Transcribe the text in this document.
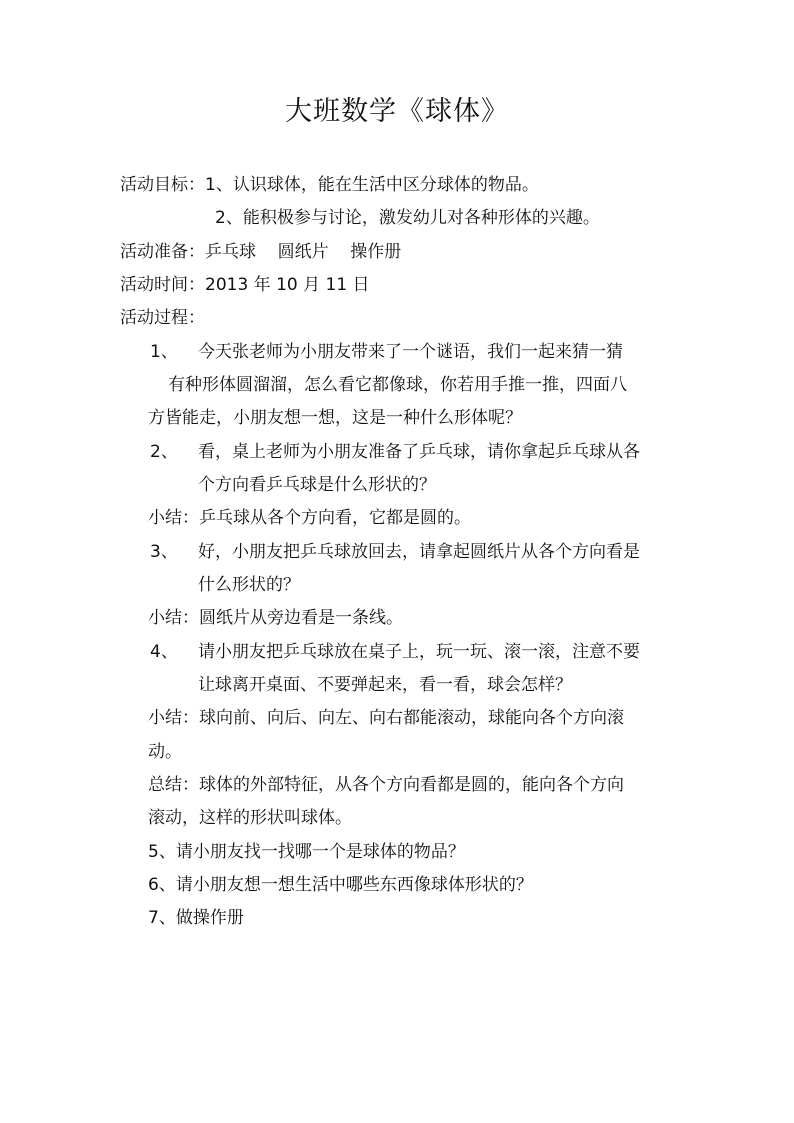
大班数学《球体》
活动目标：1、认识球体，能在生活中区分球体的物品。
2、能积极参与讨论，激发幼儿对各种形体的兴趣。
活动准备：乒乓球    圆纸片    操作册
活动时间：2013 年 10 月 11 日
活动过程：
1、 今天张老师为小朋友带来了一个谜语，我们一起来猜一猜
有种形体圆溜溜，怎么看它都像球，你若用手推一推，四面八
方皆能走，小朋友想一想，这是一种什么形体呢？
2、 看，桌上老师为小朋友准备了乒乓球，请你拿起乒乓球从各
个方向看乒乓球是什么形状的？
小结：乒乓球从各个方向看，它都是圆的。
3、 好，小朋友把乒乓球放回去，请拿起圆纸片从各个方向看是
什么形状的？
小结：圆纸片从旁边看是一条线。
4、 请小朋友把乒乓球放在桌子上，玩一玩、滚一滚，注意不要
让球离开桌面、不要弹起来，看一看，球会怎样？
小结：球向前、向后、向左、向右都能滚动，球能向各个方向滚
动。
总结：球体的外部特征，从各个方向看都是圆的，能向各个方向
滚动，这样的形状叫球体。
5、请小朋友找一找哪一个是球体的物品？
6、请小朋友想一想生活中哪些东西像球体形状的？
7、做操作册
